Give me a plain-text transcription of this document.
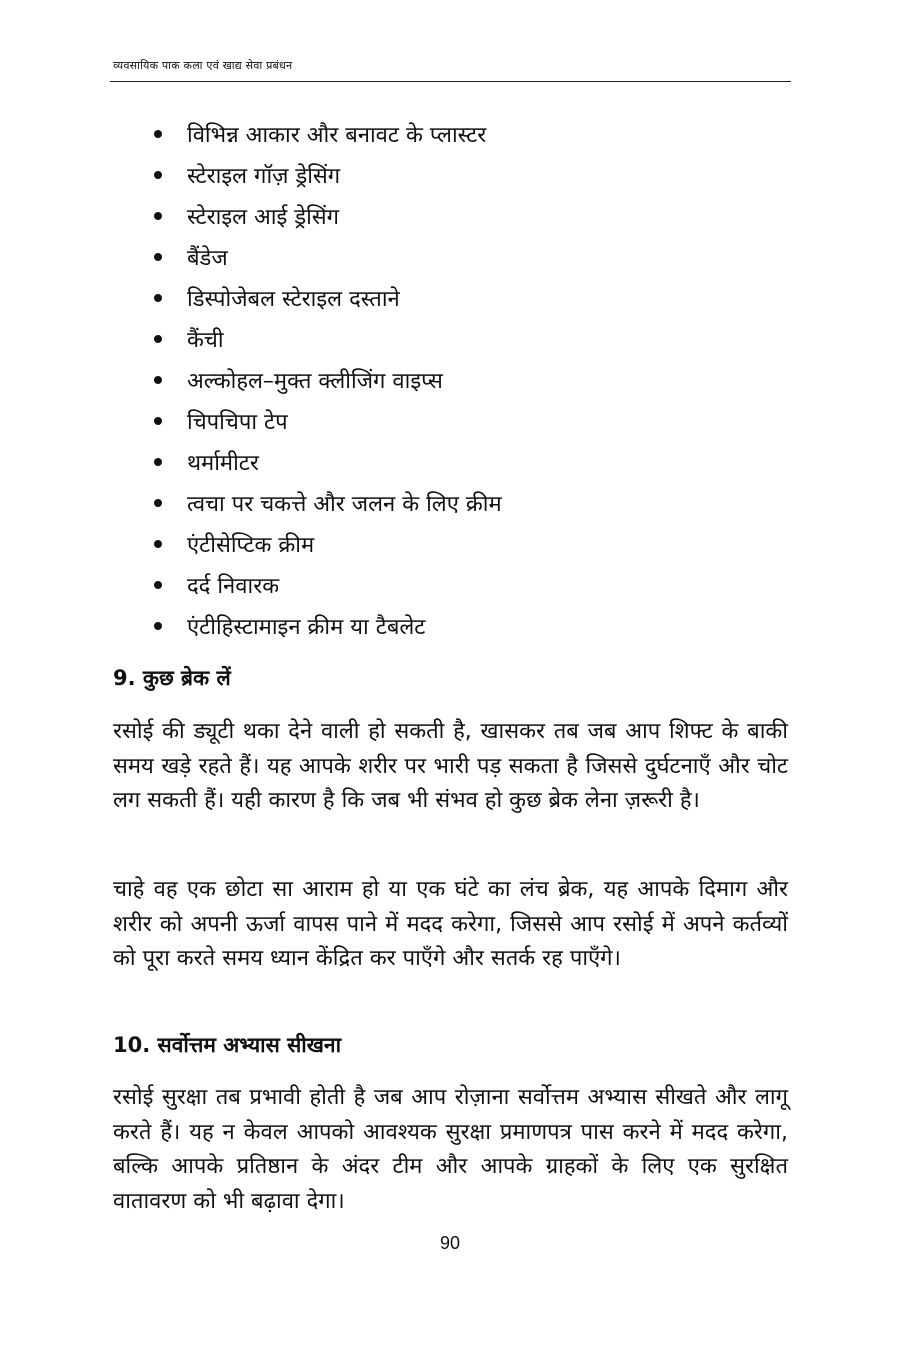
व्यवसायिक पाक कला एवं खाद्य सेवा प्रबंधन
विभिन्न आकार और बनावट के प्लास्टर
स्टेराइल गॉज़ ड्रेसिंग
स्टेराइल आई ड्रेसिंग
बैंडेज
डिस्पोजेबल स्टेराइल दस्ताने
कैंची
अल्कोहल–मुक्त क्लीजिंग वाइप्स
चिपचिपा टेप
थर्मामीटर
त्वचा पर चकत्ते और जलन के लिए क्रीम
एंटीसेप्टिक क्रीम
दर्द निवारक
एंटीहिस्टामाइन क्रीम या टैबलेट
9. कुछ ब्रेक लें

रसोई की ड्यूटी थका देने वाली हो सकती है, खासकर तब जब आप शिफ्ट के बाकी समय खड़े रहते हैं। यह आपके शरीर पर भारी पड़ सकता है जिससे दुर्घटनाएँ और चोट लग सकती हैं। यही कारण है कि जब भी संभव हो कुछ ब्रेक लेना ज़रूरी है।

चाहे वह एक छोटा सा आराम हो या एक घंटे का लंच ब्रेक, यह आपके दिमाग और शरीर को अपनी ऊर्जा वापस पाने में मदद करेगा, जिससे आप रसोई में अपने कर्तव्यों को पूरा करते समय ध्यान केंद्रित कर पाएँगे और सतर्क रह पाएँगे।

10. सर्वोत्तम अभ्यास सीखना

रसोई सुरक्षा तब प्रभावी होती है जब आप रोज़ाना सर्वोत्तम अभ्यास सीखते और लागू करते हैं। यह न केवल आपको आवश्यक सुरक्षा प्रमाणपत्र पास करने में मदद करेगा, बल्कि आपके प्रतिष्ठान के अंदर टीम और आपके ग्राहकों के लिए एक सुरक्षित वातावरण को भी बढ़ावा देगा।

90
